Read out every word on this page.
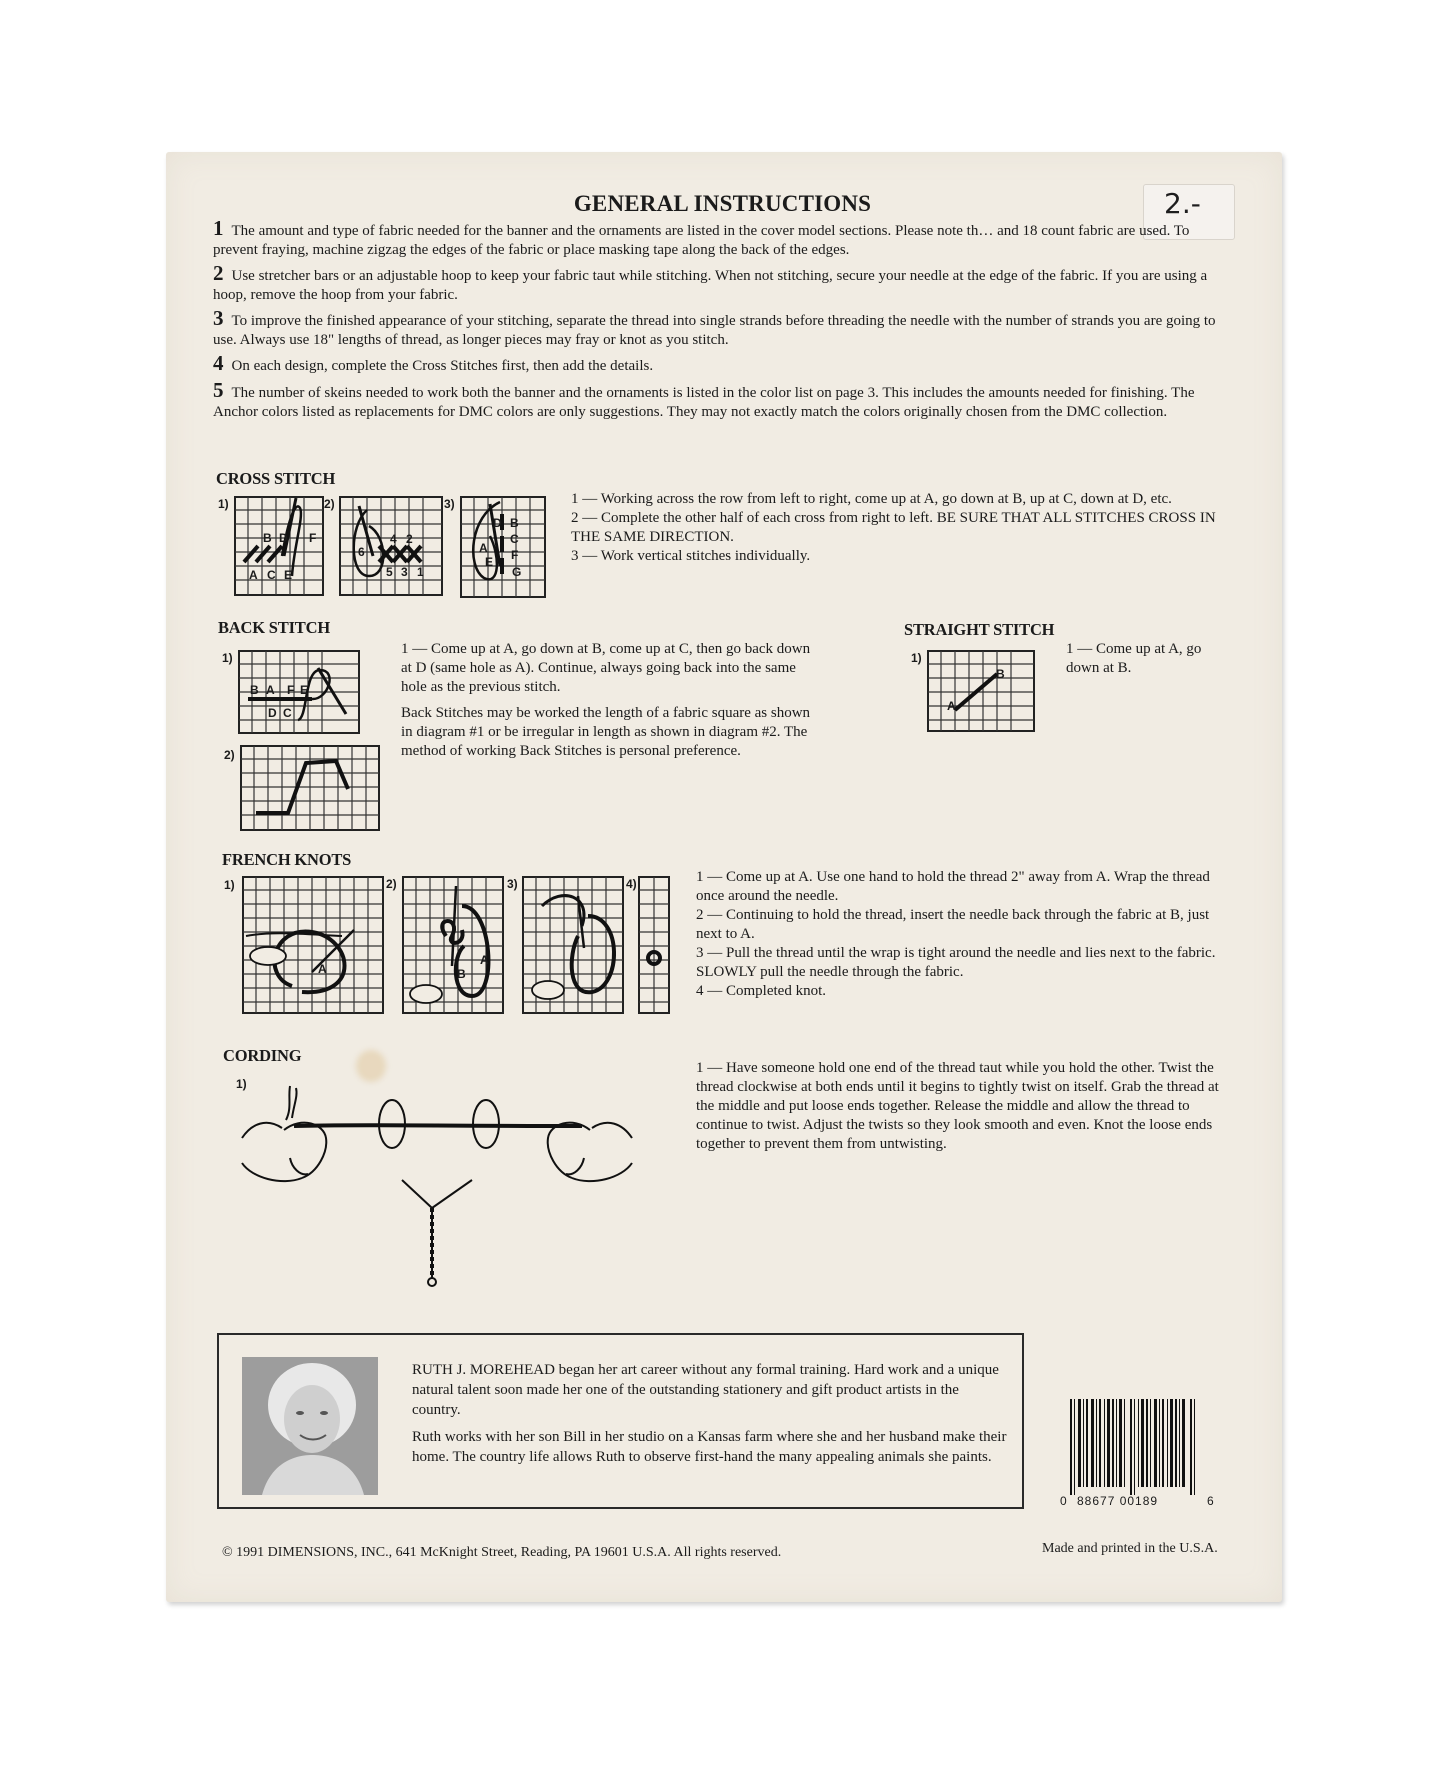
2.-
GENERAL INSTRUCTIONS
1 The amount and type of fabric needed for the banner and the ornaments are listed in the cover model sections. Please note th… and 18 count fabric are used. To prevent fraying, machine zigzag the edges of the fabric or place masking tape along the back of the edges.
2 Use stretcher bars or an adjustable hoop to keep your fabric taut while stitching. When not stitching, secure your needle at the edge of the fabric. If you are using a hoop, remove the hoop from your fabric.
3 To improve the finished appearance of your stitching, separate the thread into single strands before threading the needle with the number of strands you are going to use. Always use 18" lengths of thread, as longer pieces may fray or knot as you stitch.
4 On each design, complete the Cross Stitches first, then add the details.
5 The number of skeins needed to work both the banner and the ornaments is listed in the color list on page 3. This includes the amounts needed for finishing. The Anchor colors listed as replacements for DMC colors are only suggestions. They may not exactly match the colors originally chosen from the DMC collection.
CROSS STITCH
1)	2)	3)
B D F
A C E
6
4 2
5 3 1
D B
A
C
E F
G

1 — Working across the row from left to right, come up at A, go down at B, up at C, down at D, etc.

2 — Complete the other half of each cross from right to left. BE SURE THAT ALL STITCHES CROSS IN THE SAME DIRECTION.

3 — Work vertical stitches individually.

BACK STITCH
1)
B A F E
D C
2)

1 — Come up at A, go down at B, come up at C, then go back down at D (same hole as A). Continue, always going back into the same hole as the previous stitch.

Back Stitches may be worked the length of a fabric square as shown in diagram #1 or be irregular in length as shown in diagram #2. The method of working Back Stitches is personal preference.

STRAIGHT STITCH
1)
B
A
1 — Come up at A, go down at B.
FRENCH KNOTS
1)	2)	3)	4)
A	B
A

1 — Come up at A. Use one hand to hold the thread 2" away from A. Wrap the thread once around the needle.

2 — Continuing to hold the thread, insert the needle back through the fabric at B, just next to A.

3 — Pull the thread until the wrap is tight around the needle and lies next to the fabric. SLOWLY pull the needle through the fabric.

4 — Completed knot.

CORDING
1)
1 — Have someone hold one end of the thread taut while you hold the other. Twist the thread clockwise at both ends until it begins to tightly twist on itself. Grab the thread at the middle and put loose ends together. Release the middle and allow the thread to continue to twist. Adjust the twists so they look smooth and even. Knot the loose ends together to prevent them from untwisting.

RUTH J. MOREHEAD began her art career without any formal training. Hard work and a unique natural talent soon made her one of the outstanding stationery and gift product artists in the country.

Ruth works with her son Bill in her studio on a Kansas farm where she and her husband make their home. The country life allows Ruth to observe first-hand the many appealing animals she paints.

0 88677 00189	6
© 1991 DIMENSIONS, INC., 641 McKnight Street, Reading, PA 19601 U.S.A. All rights reserved.	Made and printed in the U.S.A.
